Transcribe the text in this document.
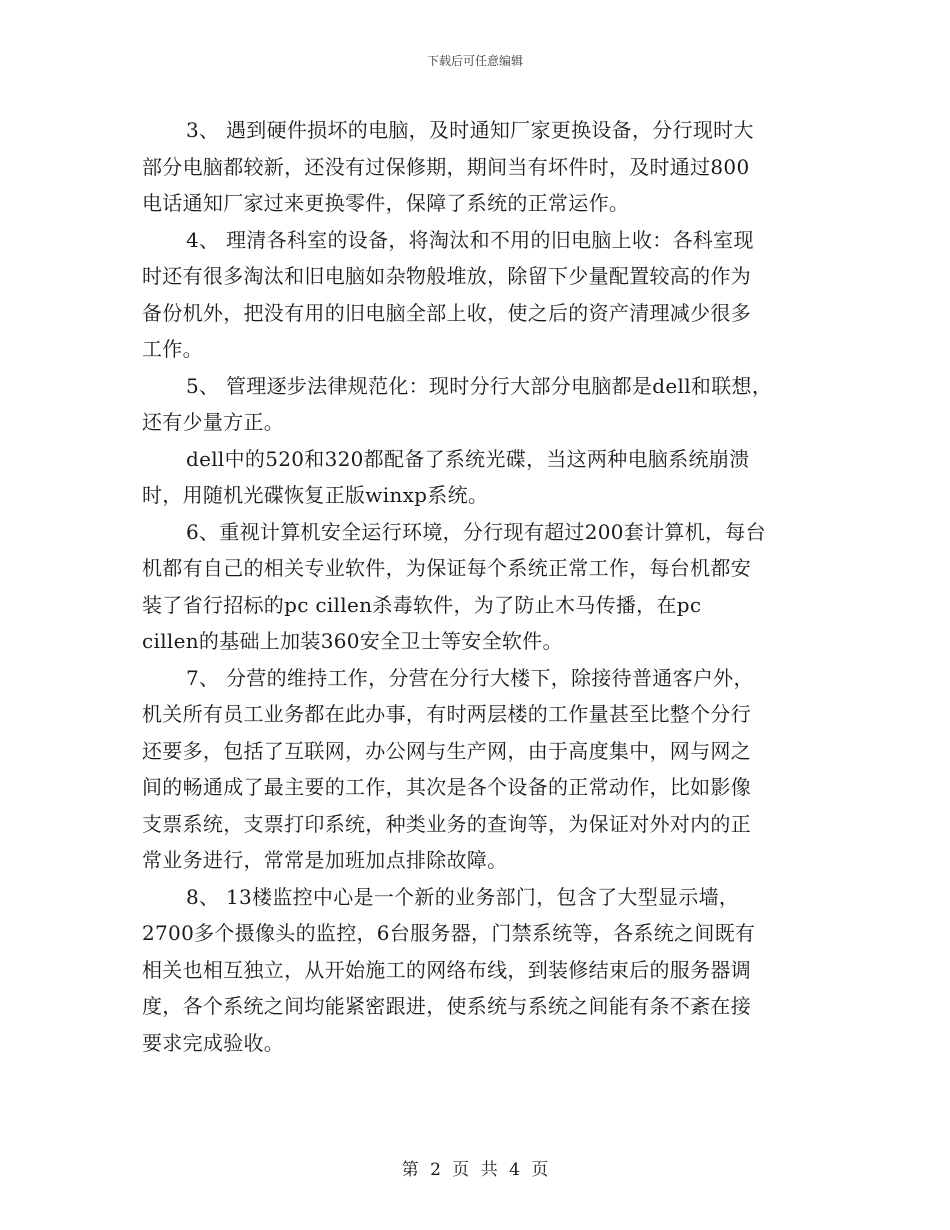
下载后可任意编辑
3、 遇到硬件损坏的电脑，及时通知厂家更换设备，分行现时大
部分电脑都较新，还没有过保修期，期间当有坏件时，及时通过800
电话通知厂家过来更换零件，保障了系统的正常运作。
4、 理清各科室的设备，将淘汰和不用的旧电脑上收：各科室现
时还有很多淘汰和旧电脑如杂物般堆放，除留下少量配置较高的作为
备份机外，把没有用的旧电脑全部上收，使之后的资产清理减少很多
工作。
5、 管理逐步法律规范化：现时分行大部分电脑都是dell和联想，
还有少量方正。
dell中的520和320都配备了系统光碟，当这两种电脑系统崩溃
时，用随机光碟恢复正版winxp系统。
6、重视计算机安全运行环境，分行现有超过200套计算机，每台
机都有自己的相关专业软件，为保证每个系统正常工作，每台机都安
装了省行招标的pc cillen杀毒软件，为了防止木马传播，在pc
cillen的基础上加装360安全卫士等安全软件。
7、 分营的维持工作，分营在分行大楼下，除接待普通客户外，
机关所有员工业务都在此办事，有时两层楼的工作量甚至比整个分行
还要多，包括了互联网，办公网与生产网，由于高度集中，网与网之
间的畅通成了最主要的工作，其次是各个设备的正常动作，比如影像
支票系统，支票打印系统，种类业务的查询等，为保证对外对内的正
常业务进行，常常是加班加点排除故障。
8、 13楼监控中心是一个新的业务部门，包含了大型显示墙，
2700多个摄像头的监控，6台服务器，门禁系统等，各系统之间既有
相关也相互独立，从开始施工的网络布线，到装修结束后的服务器调
度，各个系统之间均能紧密跟进，使系统与系统之间能有条不紊在接
要求完成验收。
第 2 页 共 4 页
